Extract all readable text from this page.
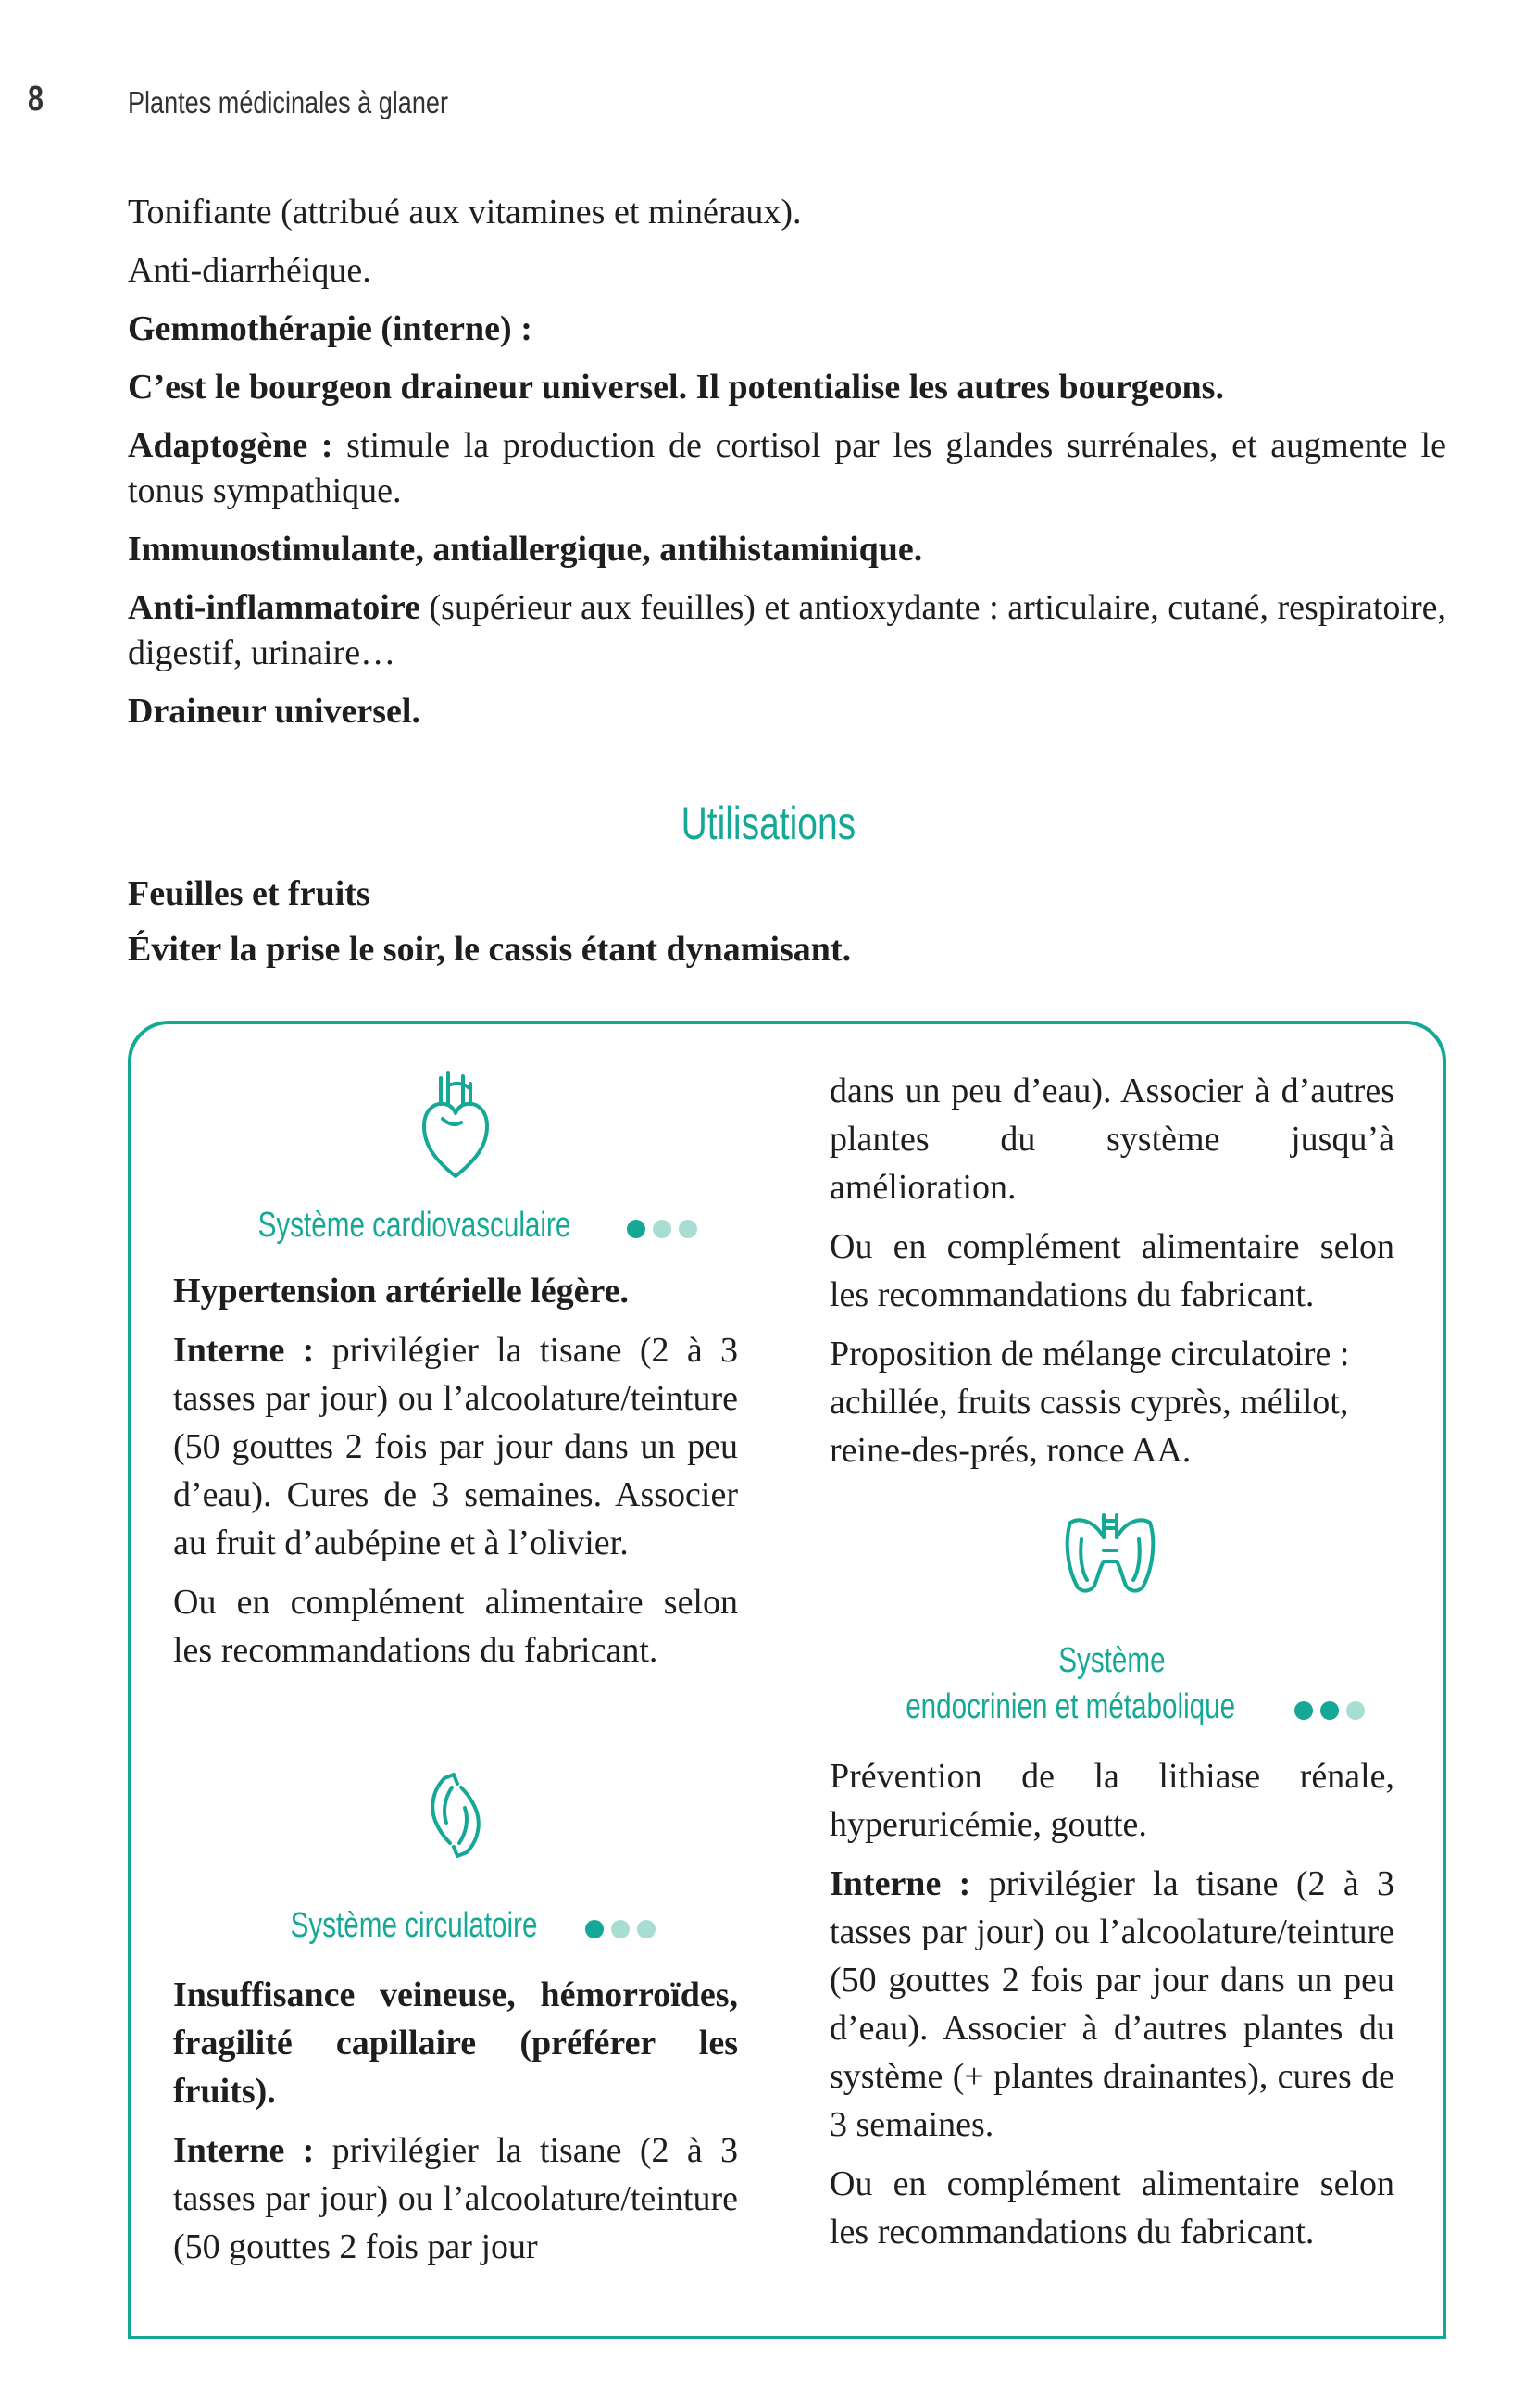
8	Plantes médicinales à glaner

Tonifiante (attribué aux vitamines et minéraux).

Anti-diarrhéique.

Gemmothérapie (interne) :

C’est le bourgeon draineur universel. Il potentialise les autres bourgeons.

Adaptogène : stimule la production de cortisol par les glandes surrénales, et augmente le tonus sympathique.

Immunostimulante, antiallergique, antihistaminique.

Anti-inflammatoire (supérieur aux feuilles) et antioxydante : articulaire, cutané, respiratoire, digestif, urinaire…

Draineur universel.

Utilisations
Feuilles et fruits
Éviter la prise le soir, le cassis étant dynamisant.
Système cardiovasculaire

Hypertension artérielle légère.

Interne : privilégier la tisane (2 à 3 tasses par jour) ou l’alcoolature/teinture (50 gouttes 2 fois par jour dans un peu d’eau). Cures de 3 semaines. Associer au fruit d’aubépine et à l’olivier.

Ou en complément alimentaire selon les recommandations du fabricant.

Système circulatoire

Insuffisance veineuse, hémorroïdes, fragilité capillaire (préférer les fruits).

Interne : privilégier la tisane (2 à 3 tasses par jour) ou l’alcoolature/teinture (50 gouttes 2 fois par jour

dans un peu d’eau). Associer à d’autres plantes du système jusqu’à amélioration.

Ou en complément alimentaire selon les recommandations du fabricant.

Proposition de mélange circulatoire : achillée, fruits cassis cyprès, mélilot, reine-des-prés, ronce AA.

Système
endocrinien et métabolique

Prévention de la lithiase rénale, hyperuricémie, goutte.

Interne : privilégier la tisane (2 à 3 tasses par jour) ou l’alcoolature/teinture (50 gouttes 2 fois par jour dans un peu d’eau). Associer à d’autres plantes du système (+ plantes drainantes), cures de 3 semaines.

Ou en complément alimentaire selon les recommandations du fabricant.
